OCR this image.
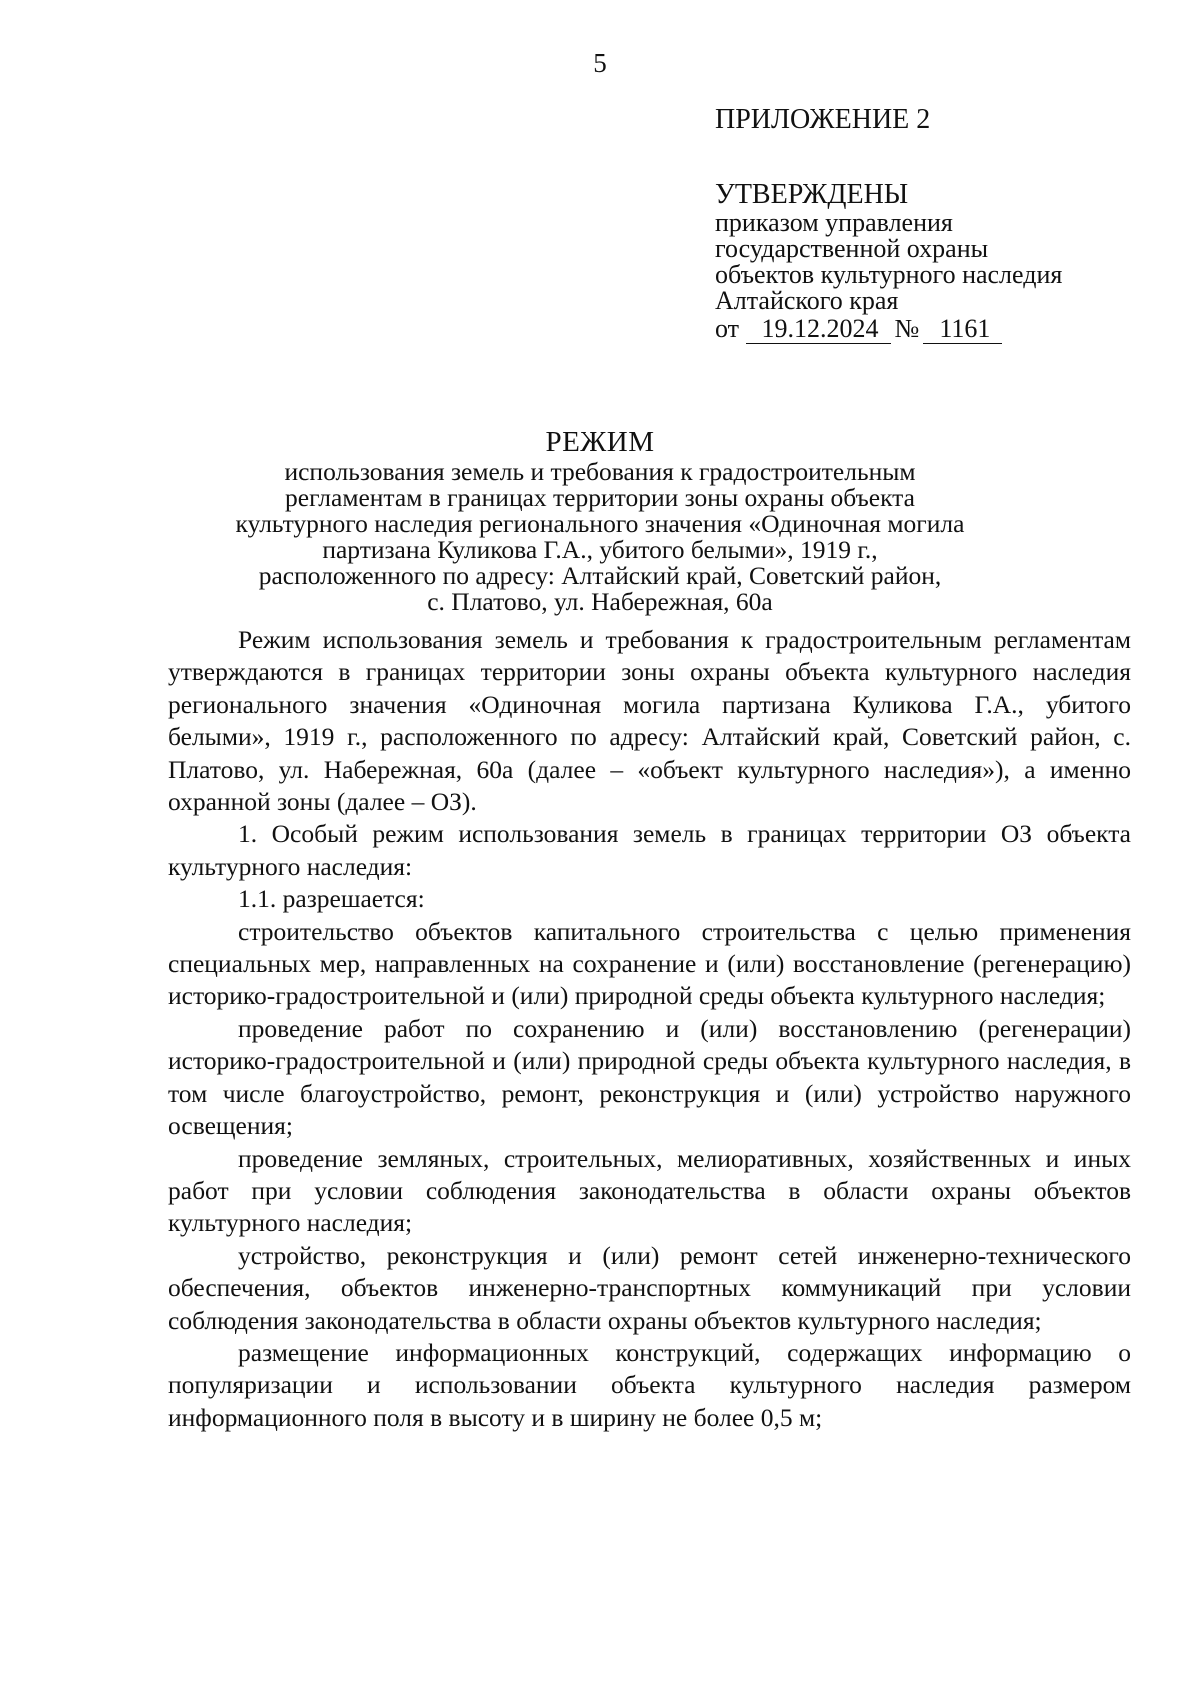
5
ПРИЛОЖЕНИЕ 2
УТВЕРЖДЕНЫ
приказом управления
государственной охраны
объектов культурного наследия
Алтайского края
от 19.12.2024 № 1161
РЕЖИМ
использования земель и требования к градостроительным
регламентам в границах территории зоны охраны объекта
культурного наследия регионального значения «Одиночная могила
партизана Куликова Г.А., убитого белыми», 1919 г.,
расположенного по адресу: Алтайский край, Советский район,
с. Платово, ул. Набережная, 60а

Режим использования земель и требования к градостроительным регламентам утверждаются в границах территории зоны охраны объекта культурного наследия регионального значения «Одиночная могила партизана Куликова Г.А., убитого белыми», 1919 г., расположенного по адресу: Алтайский край, Советский район, с. Платово, ул. Набережная, 60а (далее – «объект культурного наследия»), а именно охранной зоны (далее – ОЗ).

1. Особый режим использования земель в границах территории ОЗ объекта культурного наследия:

1.1. разрешается:

строительство объектов капитального строительства с целью применения специальных мер, направленных на сохранение и (или) восстановление (регенерацию) историко-градостроительной и (или) природной среды объекта культурного наследия;

проведение работ по сохранению и (или) восстановлению (регенерации) историко-градостроительной и (или) природной среды объекта культурного наследия, в том числе благоустройство, ремонт, реконструкция и (или) устройство наружного освещения;

проведение земляных, строительных, мелиоративных, хозяйственных и иных работ при условии соблюдения законодательства в области охраны объектов культурного наследия;

устройство, реконструкция и (или) ремонт сетей инженерно-технического обеспечения, объектов инженерно-транспортных коммуникаций при условии соблюдения законодательства в области охраны объектов культурного наследия;

размещение информационных конструкций, содержащих информацию о популяризации и использовании объекта культурного наследия размером информационного поля в высоту и в ширину не более 0,5 м;
